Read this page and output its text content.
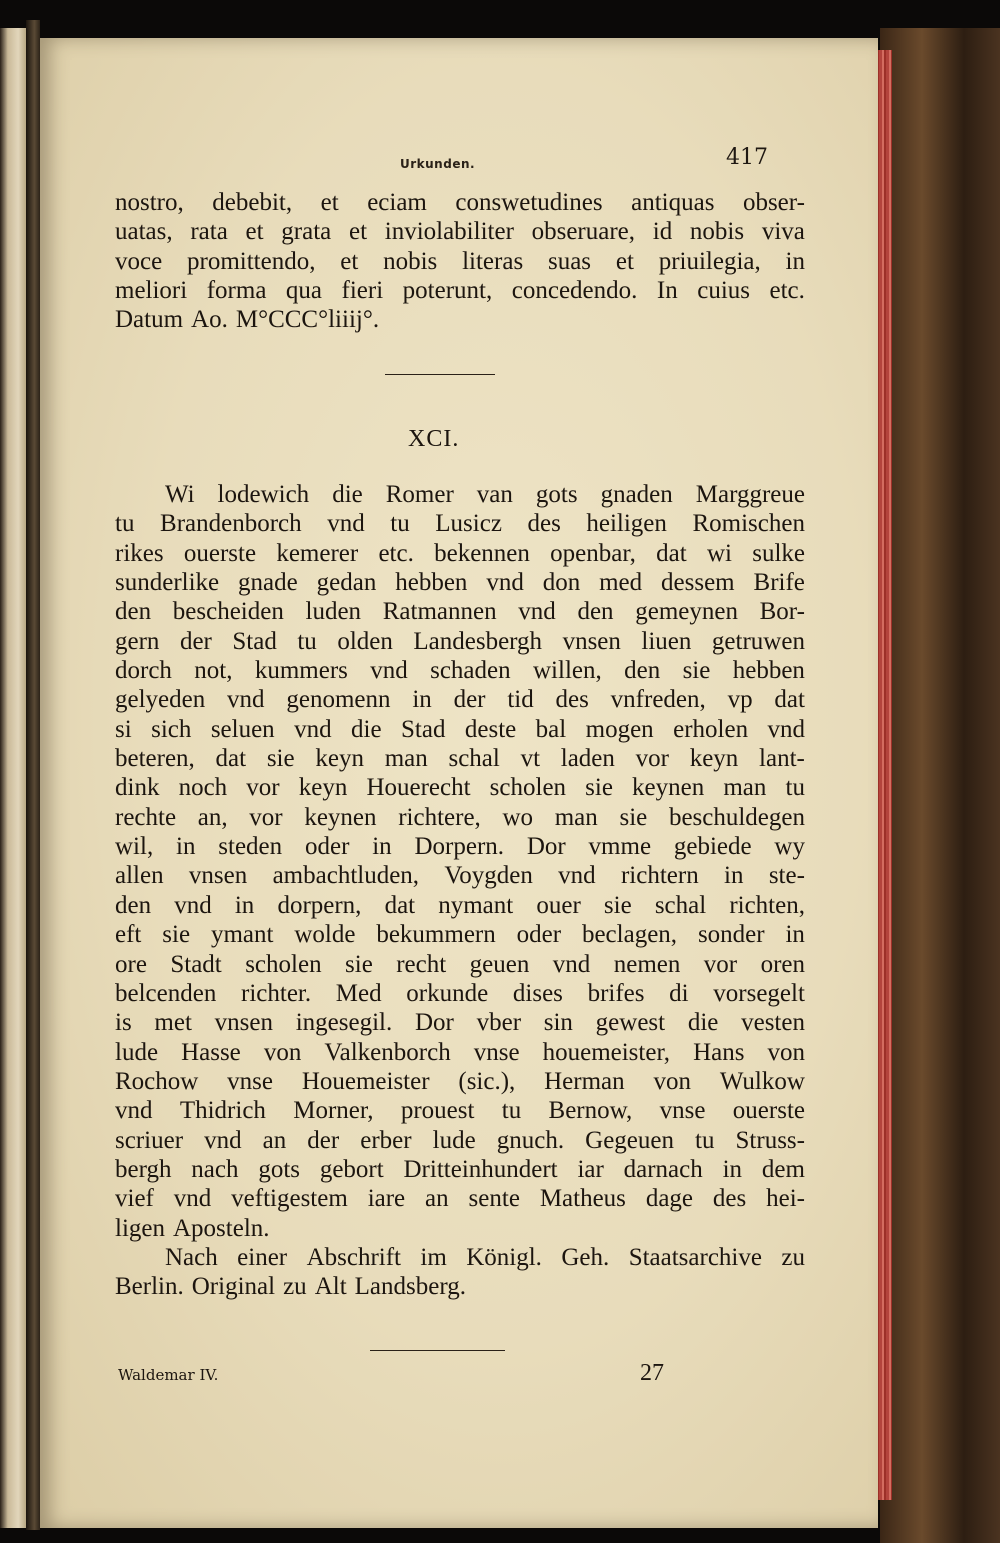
Urkunden.	417
nostro, debebit, et eciam conswetudines antiquas obser-
uatas, rata et grata et inviolabiliter obseruare, id nobis viva
voce promittendo, et nobis literas suas et priuilegia, in
meliori forma qua fieri poterunt, concedendo. In cuius etc.
Datum Ao. M°CCC°liiij°.
XCI.
Wi lodewich die Romer van gots gnaden Marggreue
tu Brandenborch vnd tu Lusicz des heiligen Romischen
rikes ouerste kemerer etc. bekennen openbar, dat wi sulke
sunderlike gnade gedan hebben vnd don med dessem Brife
den bescheiden luden Ratmannen vnd den gemeynen Bor-
gern der Stad tu olden Landesbergh vnsen liuen getruwen
dorch not, kummers vnd schaden willen, den sie hebben
gelyeden vnd genomenn in der tid des vnfreden, vp dat
si sich seluen vnd die Stad deste bal mogen erholen vnd
beteren, dat sie keyn man schal vt laden vor keyn lant-
dink noch vor keyn Houerecht scholen sie keynen man tu
rechte an, vor keynen richtere, wo man sie beschuldegen
wil, in steden oder in Dorpern. Dor vmme gebiede wy
allen vnsen ambachtluden, Voygden vnd richtern in ste-
den vnd in dorpern, dat nymant ouer sie schal richten,
eft sie ymant wolde bekummern oder beclagen, sonder in
ore Stadt scholen sie recht geuen vnd nemen vor oren
belcenden richter. Med orkunde dises brifes di vorsegelt
is met vnsen ingesegil. Dor vber sin gewest die vesten
lude Hasse von Valkenborch vnse houemeister, Hans von
Rochow vnse Houemeister (sic.), Herman von Wulkow
vnd Thidrich Morner, prouest tu Bernow, vnse ouerste
scriuer vnd an der erber lude gnuch. Gegeuen tu Struss-
bergh nach gots gebort Dritteinhundert iar darnach in dem
vief vnd veftigestem iare an sente Matheus dage des hei-
ligen Aposteln.
Nach einer Abschrift im Königl. Geh. Staatsarchive zu
Berlin. Original zu Alt Landsberg.
Waldemar IV.	27
